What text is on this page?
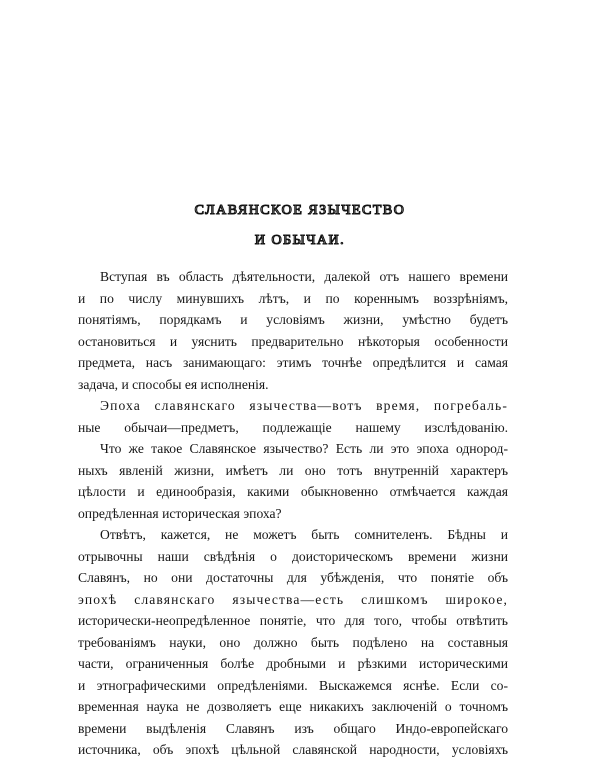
СЛАВЯНСКОЕ ЯЗЫЧЕСТВО
И ОБЫЧАИ.
Вступая въ область дѣятельности, далекой отъ нашего времени
и по числу минувшихъ лѣтъ, и по кореннымъ воззрѣніямъ,
понятіямъ, порядкамъ и условіямъ жизни, умѣстно будетъ
остановиться и уяснить предварительно нѣкоторыя особенности
предмета, насъ занимающаго: этимъ точнѣе опредѣлится и самая
задача, и способы ея исполненія.
Эпоха славянскаго язычества—вотъ время, погребаль-
ные обычаи—предметъ, подлежащіе нашему изслѣдованію.
Что же такое Славянское язычество? Есть ли это эпоха однород-
ныхъ явленій жизни, имѣетъ ли оно тотъ внутренній характеръ
цѣлости и единообразія, какими обыкновенно отмѣчается каждая
опредѣленная историческая эпоха?
Отвѣтъ, кажется, не можетъ быть сомнителенъ. Бѣдны и
отрывочны наши свѣдѣнія о доисторическомъ времени жизни
Славянъ, но они достаточны для убѣжденія, что понятіе объ
эпохѣ славянскаго язычества—есть слишкомъ широкое,
исторически-неопредѣленное понятіе, что для того, чтобы отвѣтить
требованіямъ науки, оно должно быть подѣлено на составныя
части, ограниченныя болѣе дробными и рѣзкими историческими
и этнографическими опредѣленіями. Выскажемся яснѣе. Если со-
временная наука не дозволяетъ еще никакихъ заключеній о точномъ
времени выдѣленія Славянъ изъ общаго Индо-европейскаго
источника, объ эпохѣ цѣльной славянской народности, условіяхъ
